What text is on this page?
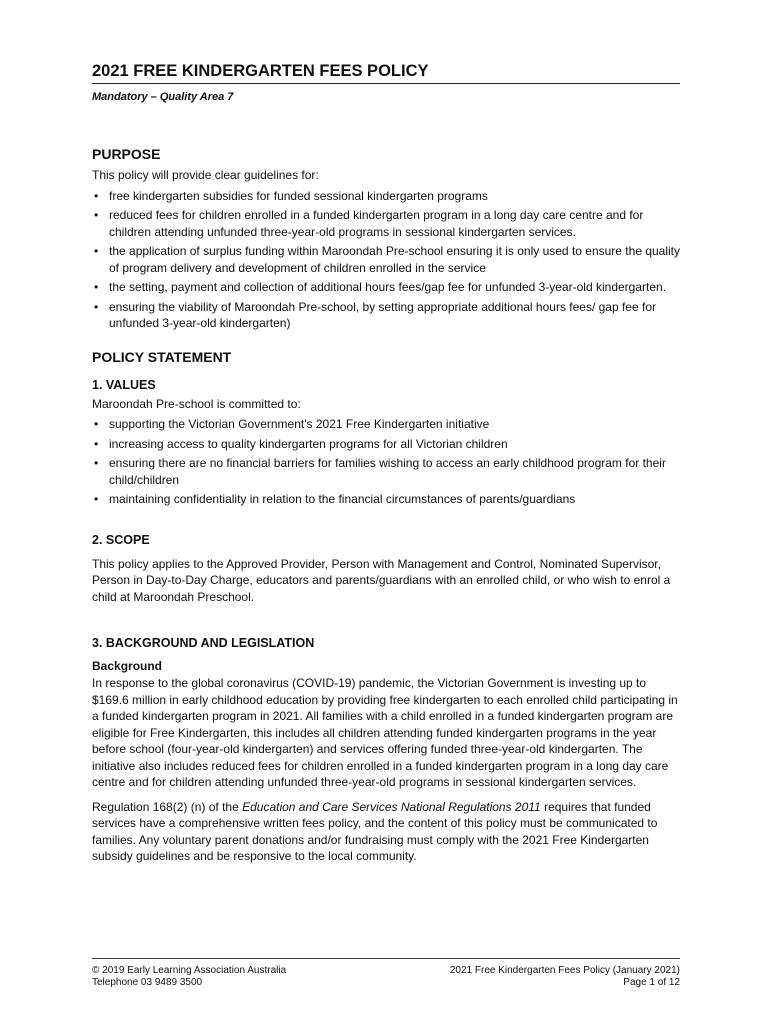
2021 FREE KINDERGARTEN FEES POLICY
Mandatory – Quality Area 7
PURPOSE

This policy will provide clear guidelines for:

• free kindergarten subsidies for funded sessional kindergarten programs
• reduced fees for children enrolled in a funded kindergarten program in a long day care centre and for children attending unfunded three-year-old programs in sessional kindergarten services.
• the application of surplus funding within Maroondah Pre-school ensuring it is only used to ensure the quality of program delivery and development of children enrolled in the service
• the setting, payment and collection of additional hours fees/gap fee for unfunded 3-year-old kindergarten.
• ensuring the viability of Maroondah Pre-school, by setting appropriate additional hours fees/ gap fee for unfunded 3-year-old kindergarten)
POLICY STATEMENT
1. VALUES

Maroondah Pre-school is committed to:

• supporting the Victorian Government's 2021 Free Kindergarten initiative
• increasing access to quality kindergarten programs for all Victorian children
• ensuring there are no financial barriers for families wishing to access an early childhood program for their child/children
• maintaining confidentiality in relation to the financial circumstances of parents/guardians
2. SCOPE

This policy applies to the Approved Provider, Person with Management and Control, Nominated Supervisor, Person in Day-to-Day Charge, educators and parents/guardians with an enrolled child, or who wish to enrol a child at Maroondah Preschool.

3. BACKGROUND AND LEGISLATION
Background

In response to the global coronavirus (COVID-19) pandemic, the Victorian Government is investing up to $169.6 million in early childhood education by providing free kindergarten to each enrolled child participating in a funded kindergarten program in 2021. All families with a child enrolled in a funded kindergarten program are eligible for Free Kindergarten, this includes all children attending funded kindergarten programs in the year before school (four-year-old kindergarten) and services offering funded three-year-old kindergarten. The initiative also includes reduced fees for children enrolled in a funded kindergarten program in a long day care centre and for children attending unfunded three-year-old programs in sessional kindergarten services.

Regulation 168(2) (n) of the Education and Care Services National Regulations 2011 requires that funded services have a comprehensive written fees policy, and the content of this policy must be communicated to families. Any voluntary parent donations and/or fundraising must comply with the 2021 Free Kindergarten subsidy guidelines and be responsive to the local community.

© 2019 Early Learning Association Australia
Telephone 03 9489 3500
2021 Free Kindergarten Fees Policy (January 2021)
Page 1 of 12
